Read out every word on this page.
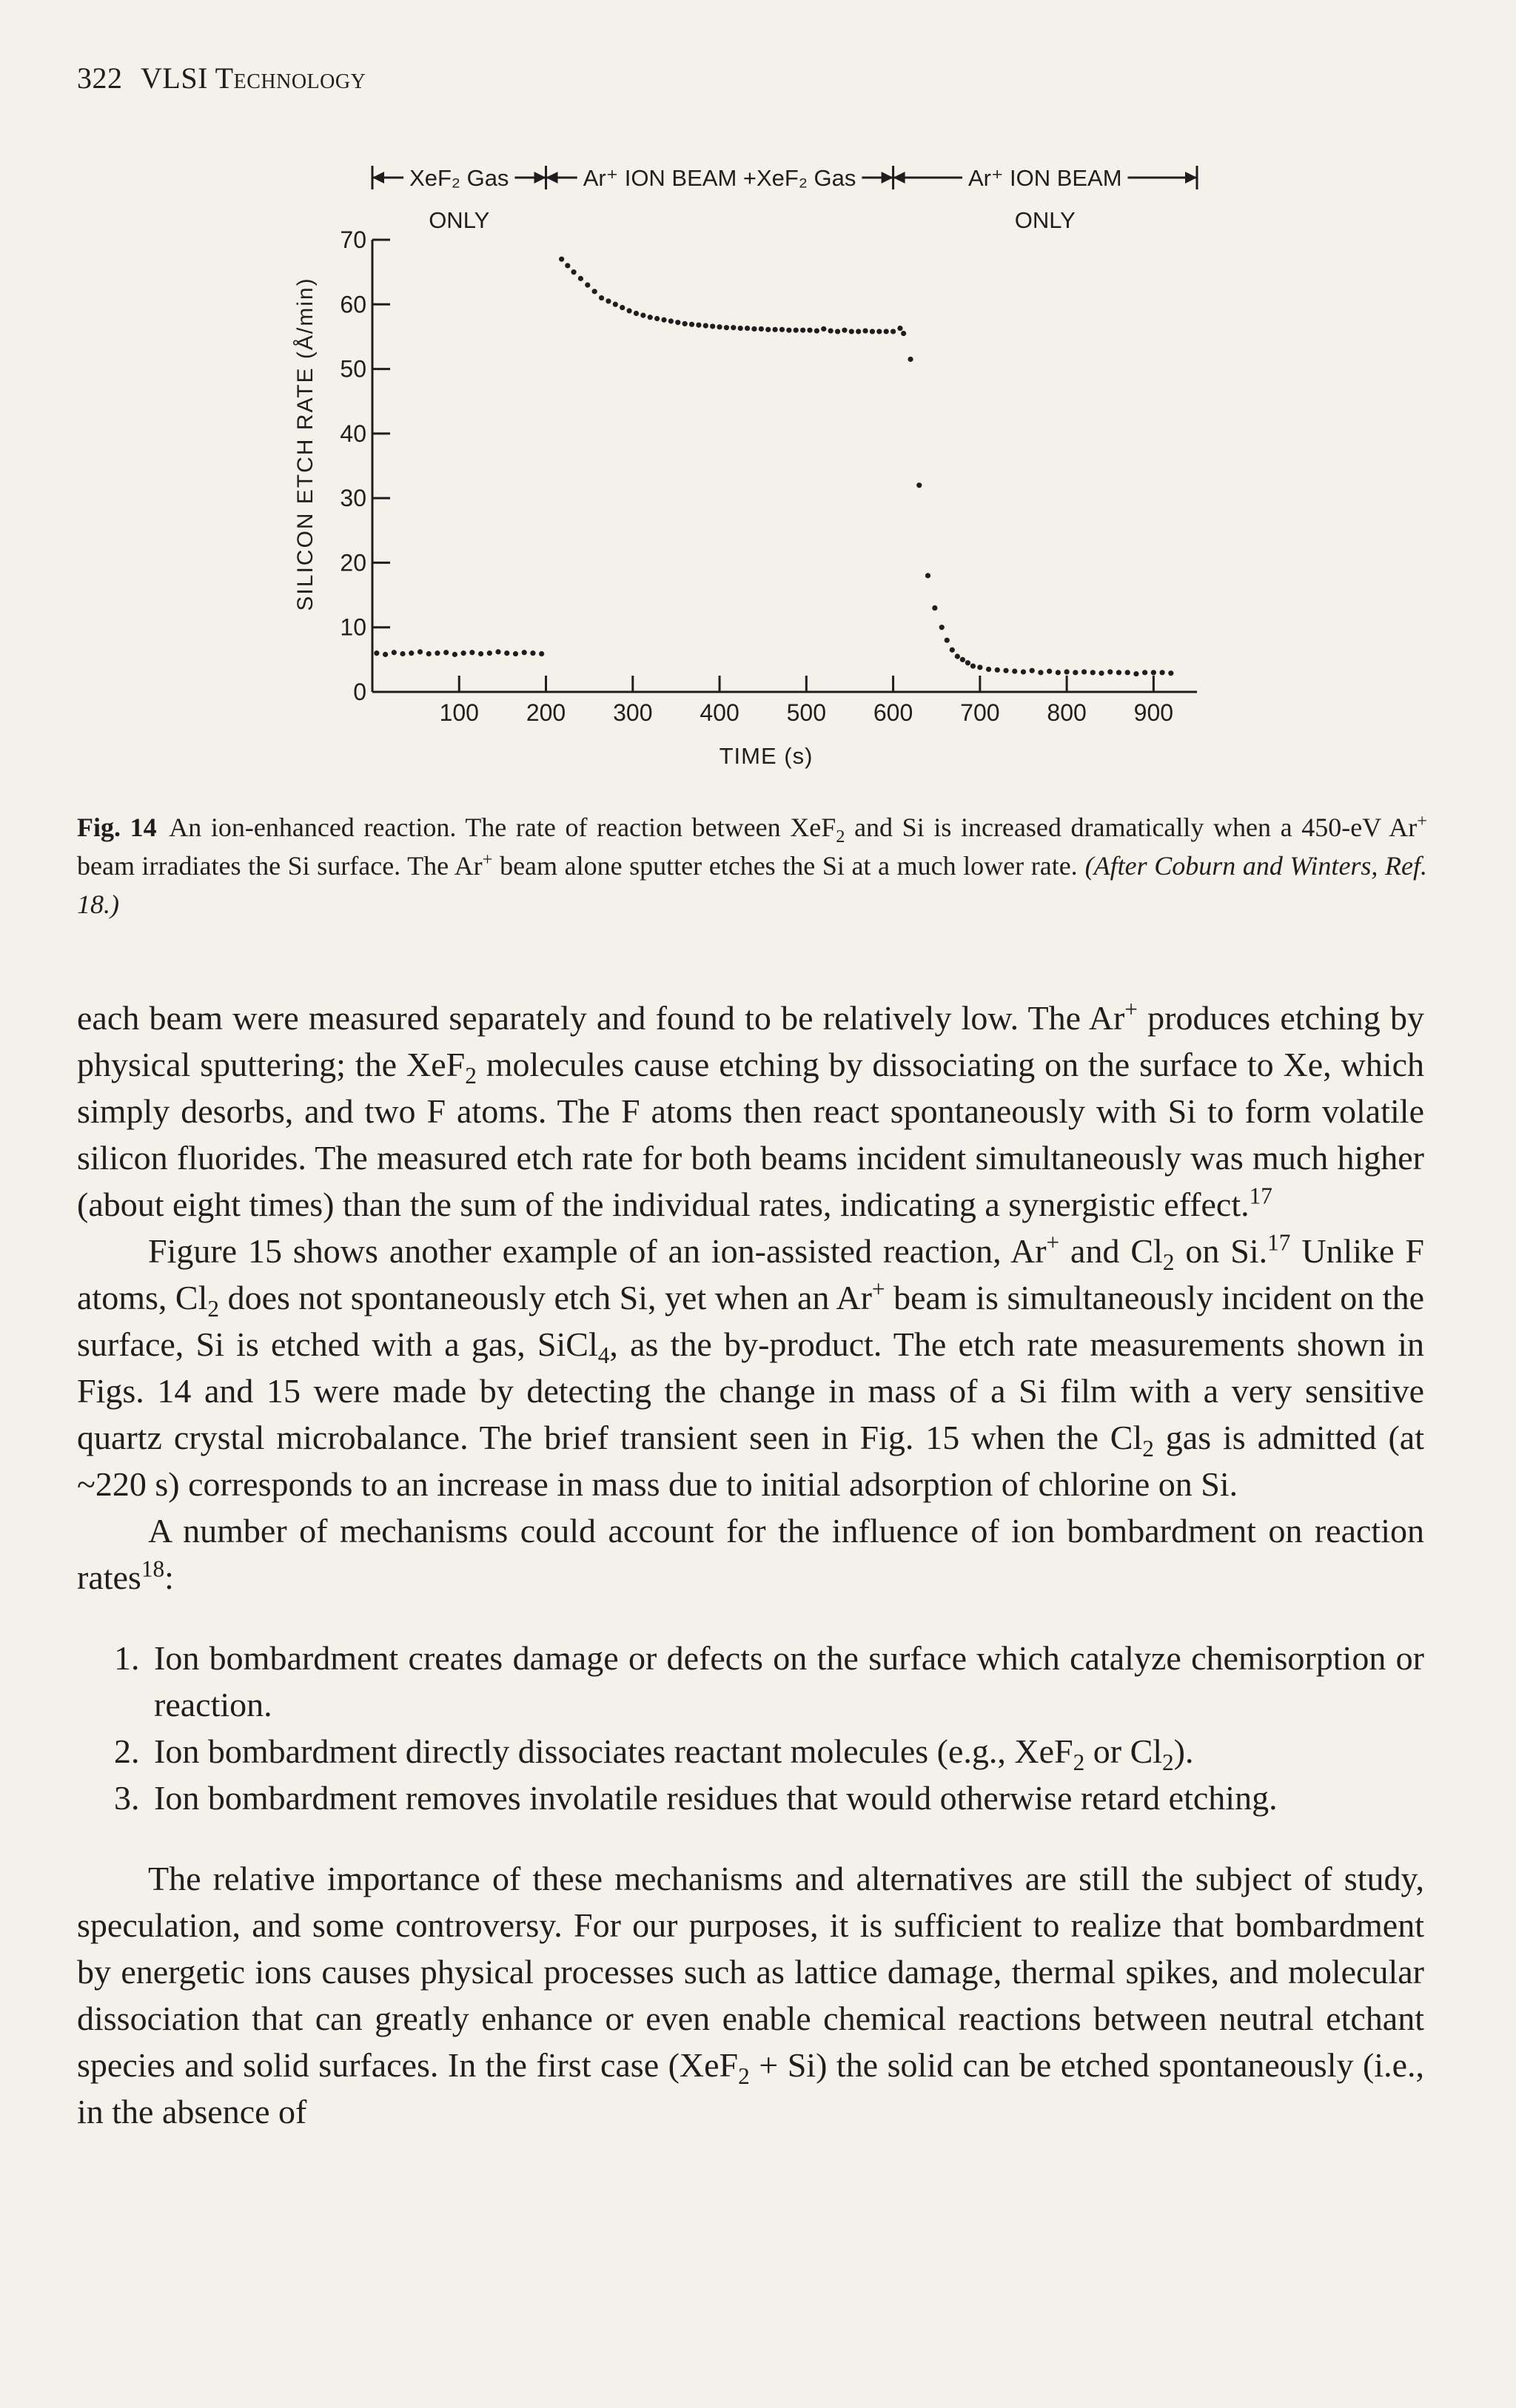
322 VLSI Technology
XeF₂ Gas
ONLY
Ar⁺ ION BEAM +XeF₂ Gas	Ar⁺ ION BEAM
ONLY
0
10
20
30
40
50
60
70
100 200 300 400 500 600 700 800 900
SILICON ETCH RATE (Å/min)
TIME (s)
Fig. 14 An ion-enhanced reaction. The rate of reaction between XeF$_2$ and Si is increased dramatically when a 450-eV Ar+ beam irradiates the Si surface. The Ar+ beam alone sputter etches the Si at a much lower rate. (After Coburn and Winters, Ref. 18.)

each beam were measured separately and found to be relatively low. The Ar+ produces etching by physical sputtering; the XeF$_2$ molecules cause etching by dissociating on the surface to Xe, which simply desorbs, and two F atoms. The F atoms then react spontaneously with Si to form volatile silicon fluorides. The measured etch rate for both beams incident simultaneously was much higher (about eight times) than the sum of the individual rates, indicating a synergistic effect.$^{17}$

Figure 15 shows another example of an ion-assisted reaction, Ar+ and $Cl_2$ on Si.$^{17}$ Unlike F atoms, $Cl_2$ does not spontaneously etch Si, yet when an Ar+ beam is simultaneously incident on the surface, Si is etched with a gas, SiCl$_4$, as the by-product. The etch rate measurements shown in Figs. 14 and 15 were made by detecting the change in mass of a Si film with a very sensitive quartz crystal microbalance. The brief transient seen in Fig. 15 when the $Cl_2$ gas is admitted (at ~220 s) corresponds to an increase in mass due to initial adsorption of chlorine on Si.

A number of mechanisms could account for the influence of ion bombardment on reaction rates$^{18}$:

1. Ion bombardment creates damage or defects on the surface which catalyze chemisorption or reaction.
2. Ion bombardment directly dissociates reactant molecules (e.g., XeF$_2$ or $Cl_2$).
3. Ion bombardment removes involatile residues that would otherwise retard etching.

The relative importance of these mechanisms and alternatives are still the subject of study, speculation, and some controversy. For our purposes, it is sufficient to realize that bombardment by energetic ions causes physical processes such as lattice damage, thermal spikes, and molecular dissociation that can greatly enhance or even enable chemical reactions between neutral etchant species and solid surfaces. In the first case (XeF$_2$ + Si) the solid can be etched spontaneously (i.e., in the absence of
